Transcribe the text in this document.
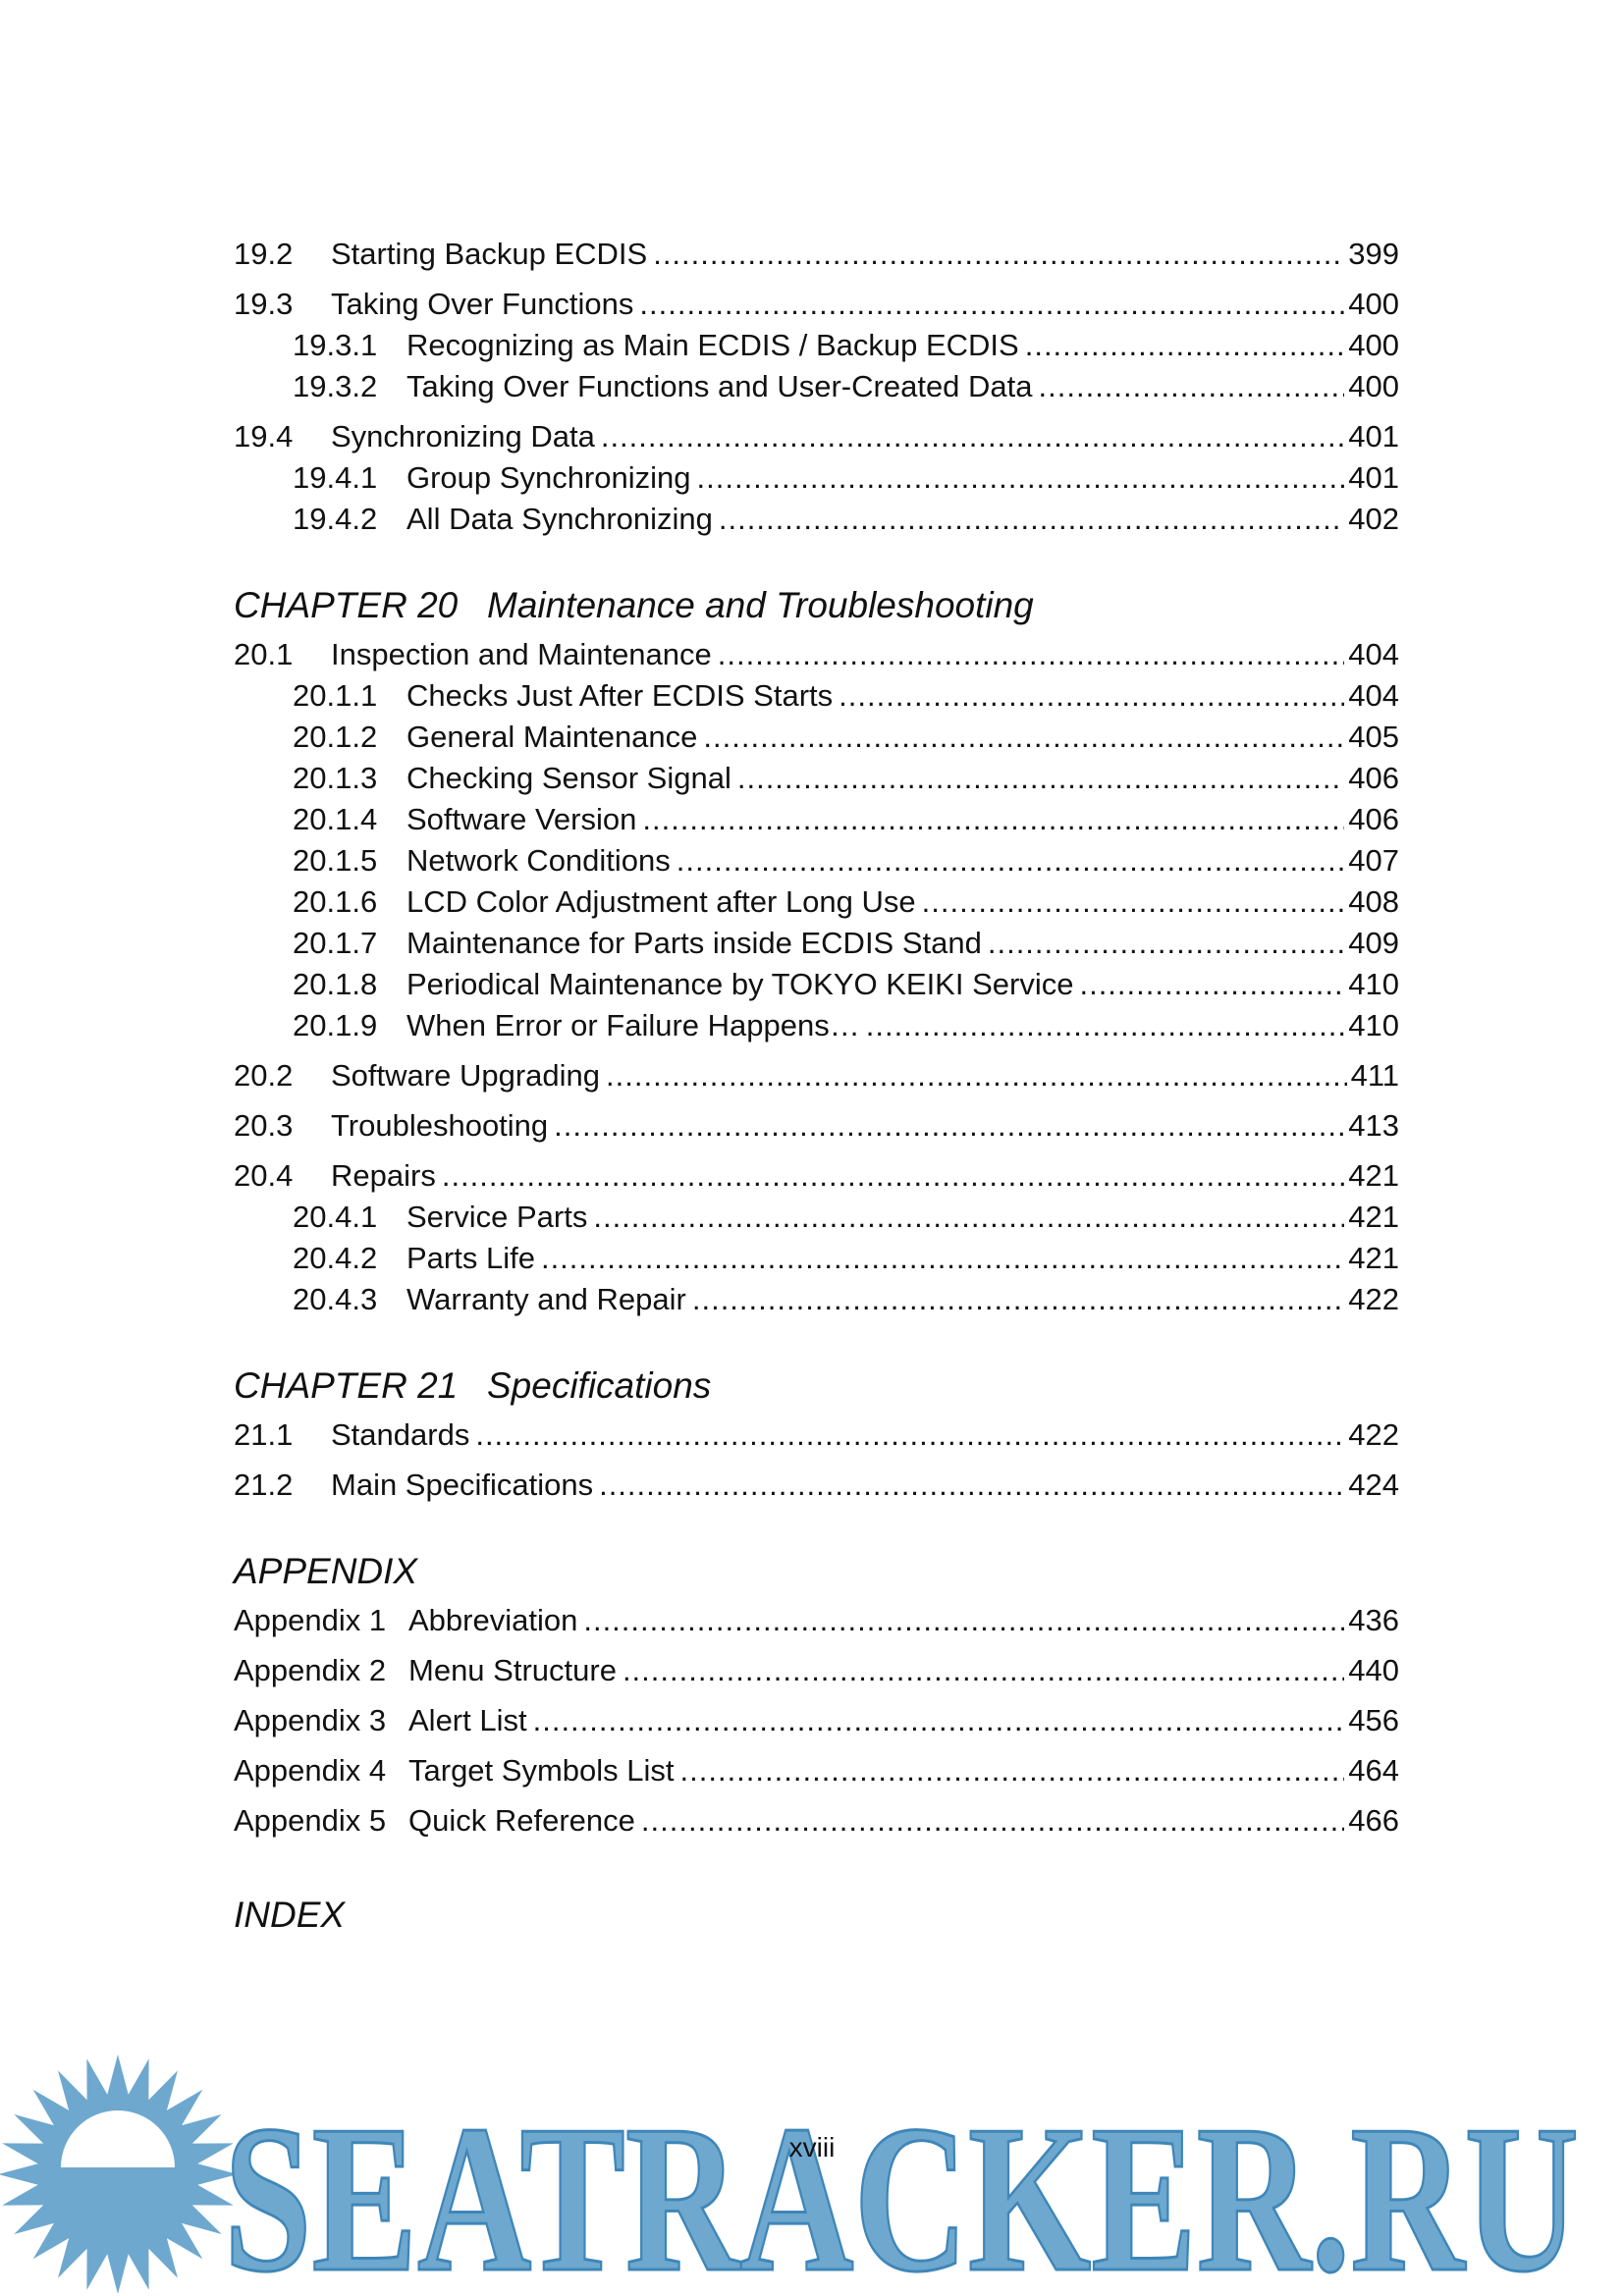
19.2	Starting Backup ECDIS .....	399
19.3	Taking Over Functions .....	400
19.3.1 Recognizing as Main ECDIS / Backup ECDIS .....	400
19.3.2 Taking Over Functions and User-Created Data .....	400
19.4	Synchronizing Data .....	401
19.4.1 Group Synchronizing .....	401
19.4.2 All Data Synchronizing .....	402
CHAPTER 20 Maintenance and Troubleshooting
20.1	Inspection and Maintenance .....	404
20.1.1 Checks Just After ECDIS Starts .....	404
20.1.2 General Maintenance .....	405
20.1.3 Checking Sensor Signal .....	406
20.1.4 Software Version .....	406
20.1.5 Network Conditions .....	407
20.1.6 LCD Color Adjustment after Long Use .....	408
20.1.7 Maintenance for Parts inside ECDIS Stand .....	409
20.1.8 Periodical Maintenance by TOKYO KEIKI Service .....	410
20.1.9 When Error or Failure Happens… .....	410
20.2	Software Upgrading .....	411
20.3	Troubleshooting .....	413
20.4	Repairs .....	421
20.4.1 Service Parts .....	421
20.4.2 Parts Life .....	421
20.4.3 Warranty and Repair .....	422
CHAPTER 21 Specifications
21.1	Standards .....	422
21.2	Main Specifications .....	424
APPENDIX
Appendix 1 Abbreviation .....	436
Appendix 2 Menu Structure .....	440
Appendix 3 Alert List .....	456
Appendix 4 Target Symbols List .....	464
Appendix 5 Quick Reference .....	466
INDEX
SEATRACKER.RU
xviii
